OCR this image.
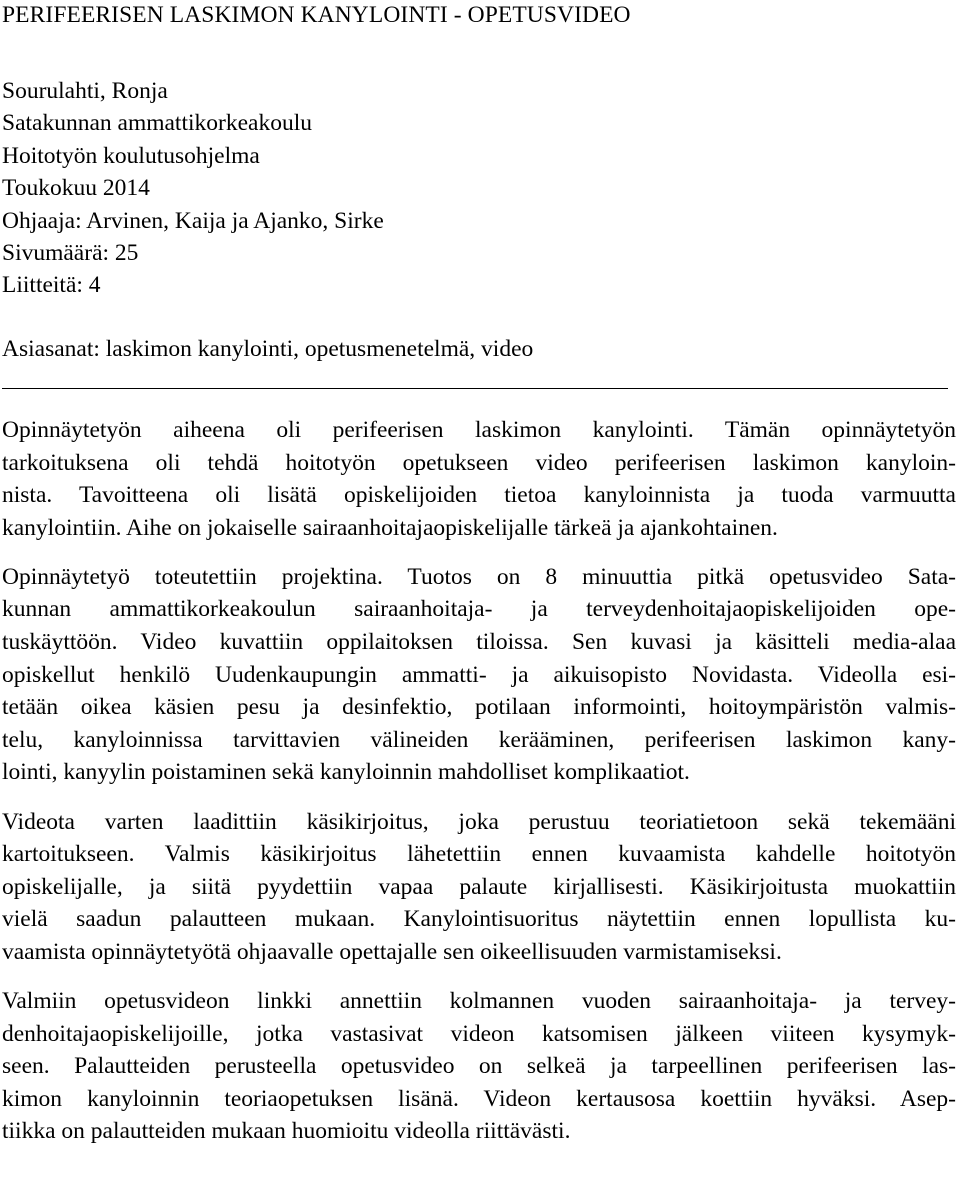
PERIFEERISEN LASKIMON KANYLOINTI - OPETUSVIDEO
Sourulahti, Ronja
Satakunnan ammattikorkeakoulu
Hoitotyön koulutusohjelma
Toukokuu 2014
Ohjaaja: Arvinen, Kaija ja Ajanko, Sirke
Sivumäärä: 25
Liitteitä: 4
Asiasanat: laskimon kanylointi, opetusmenetelmä, video

Opinnäytetyön aiheena oli perifeerisen laskimon kanylointi. Tämän opinnäytetyön
tarkoituksena oli tehdä hoitotyön opetukseen video perifeerisen laskimon kanyloin-
nista. Tavoitteena oli lisätä opiskelijoiden tietoa kanyloinnista ja tuoda varmuutta
kanylointiin. Aihe on jokaiselle sairaanhoitajaopiskelijalle tärkeä ja ajankohtainen.

Opinnäytetyö toteutettiin projektina. Tuotos on 8 minuuttia pitkä opetusvideo Sata-
kunnan ammattikorkeakoulun sairaanhoitaja- ja terveydenhoitajaopiskelijoiden ope-
tuskäyttöön. Video kuvattiin oppilaitoksen tiloissa. Sen kuvasi ja käsitteli media-alaa
opiskellut henkilö Uudenkaupungin ammatti- ja aikuisopisto Novidasta. Videolla esi-
tetään oikea käsien pesu ja desinfektio, potilaan informointi, hoitoympäristön valmis-
telu, kanyloinnissa tarvittavien välineiden kerääminen, perifeerisen laskimon kany-
lointi, kanyylin poistaminen sekä kanyloinnin mahdolliset komplikaatiot.

Videota varten laadittiin käsikirjoitus, joka perustuu teoriatietoon sekä tekemääni
kartoitukseen. Valmis käsikirjoitus lähetettiin ennen kuvaamista kahdelle hoitotyön
opiskelijalle, ja siitä pyydettiin vapaa palaute kirjallisesti. Käsikirjoitusta muokattiin
vielä saadun palautteen mukaan. Kanylointisuoritus näytettiin ennen lopullista ku-
vaamista opinnäytetyötä ohjaavalle opettajalle sen oikeellisuuden varmistamiseksi.

Valmiin opetusvideon linkki annettiin kolmannen vuoden sairaanhoitaja- ja tervey-
denhoitajaopiskelijoille, jotka vastasivat videon katsomisen jälkeen viiteen kysymyk-
seen. Palautteiden perusteella opetusvideo on selkeä ja tarpeellinen perifeerisen las-
kimon kanyloinnin teoriaopetuksen lisänä. Videon kertausosa koettiin hyväksi. Asep-
tiikka on palautteiden mukaan huomioitu videolla riittävästi.
